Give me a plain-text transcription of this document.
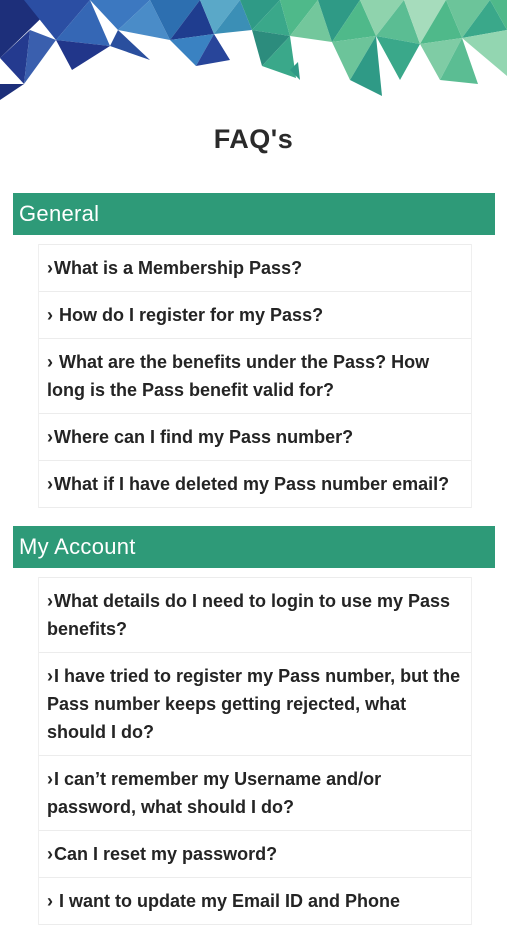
FAQ's
General
›What is a Membership Pass?
› How do I register for my Pass?
› What are the benefits under the Pass? How long is the Pass benefit valid for?
›Where can I find my Pass number?
›What if I have deleted my Pass number email?
My Account
›What details do I need to login to use my Pass benefits?
›I have tried to register my Pass number, but the Pass number keeps getting rejected, what should I do?
›I can’t remember my Username and/or password, what should I do?
›Can I reset my password?
› I want to update my Email ID and Phone
